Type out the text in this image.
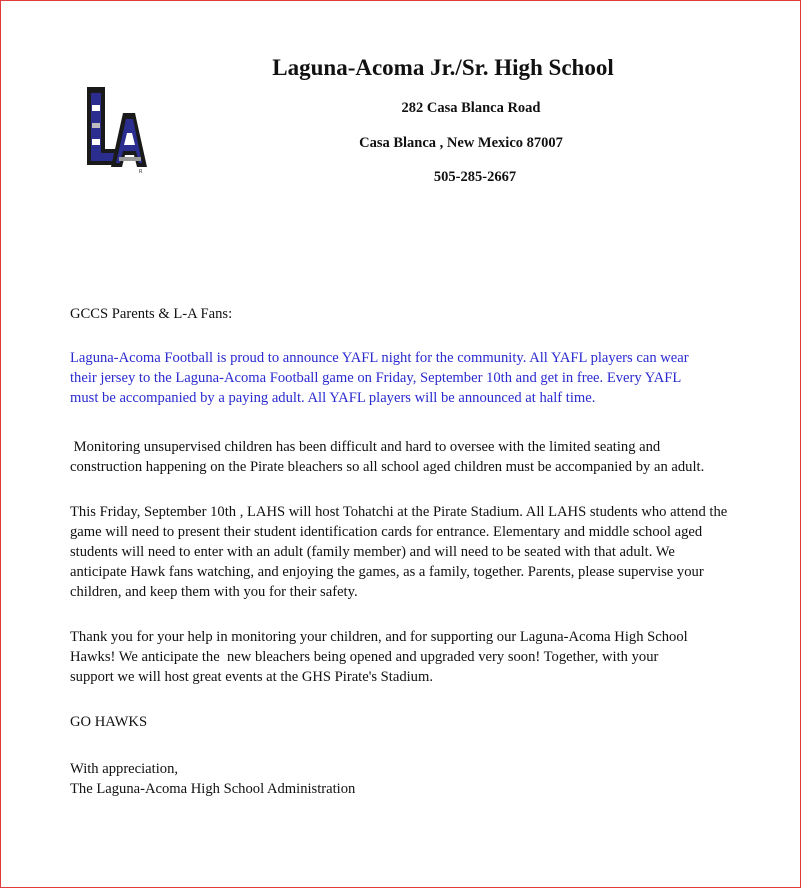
R
Laguna-Acoma Jr./Sr. High School
282 Casa Blanca Road
Casa Blanca , New Mexico 87007
505-285-2667
GCCS Parents & L-A Fans:
Laguna-Acoma Football is proud to announce YAFL night for the community. All YAFL players can wear
their jersey to the Laguna-Acoma Football game on Friday, September 10th and get in free. Every YAFL
must be accompanied by a paying adult. All YAFL players will be announced at half time.
Monitoring unsupervised children has been difficult and hard to oversee with the limited seating and
construction happening on the Pirate bleachers so all school aged children must be accompanied by an adult.
This Friday, September 10th , LAHS will host Tohatchi at the Pirate Stadium. All LAHS students who attend the
game will need to present their student identification cards for entrance. Elementary and middle school aged
students will need to enter with an adult (family member) and will need to be seated with that adult. We
anticipate Hawk fans watching, and enjoying the games, as a family, together. Parents, please supervise your
children, and keep them with you for their safety.
Thank you for your help in monitoring your children, and for supporting our Laguna-Acoma High School
Hawks! We anticipate the  new bleachers being opened and upgraded very soon! Together, with your
support we will host great events at the GHS Pirate's Stadium.
GO HAWKS
With appreciation,
The Laguna-Acoma High School Administration
